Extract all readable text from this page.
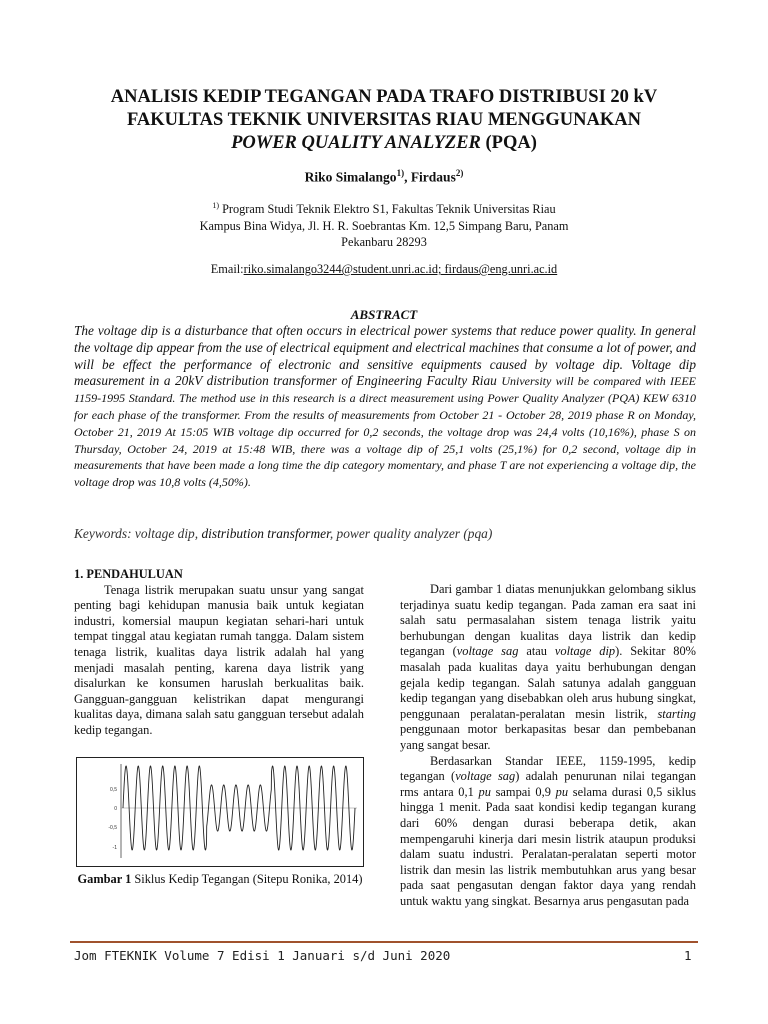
ANALISIS KEDIP TEGANGAN PADA TRAFO DISTRIBUSI 20 kV
FAKULTAS TEKNIK UNIVERSITAS RIAU MENGGUNAKAN
POWER QUALITY ANALYZER (PQA)
Riko Simalango$^{1)}$, Firdaus$^{2)}$
$^{1)}$ Program Studi Teknik Elektro S1, Fakultas Teknik Universitas Riau
Kampus Bina Widya, Jl. H. R. Soebrantas Km. 12,5 Simpang Baru, Panam
Pekanbaru 28293
Email:riko.simalango3244@student.unri.ac.id; firdaus@eng.unri.ac.id
ABSTRACT
The voltage dip is a disturbance that often occurs in electrical power systems that reduce power quality. In general the voltage dip appear from the use of electrical equipment and electrical machines that consume a lot of power, and will be effect the performance of electronic and sensitive equipments caused by voltage dip. Voltage dip measurement in a 20kV distribution transformer of Engineering Faculty Riau University will be compared with IEEE 1159-1995 Standard. The method use in this research is a direct measurement using Power Quality Analyzer (PQA) KEW 6310 for each phase of the transformer. From the results of measurements from October 21 - October 28, 2019 phase R on Monday, October 21, 2019 At 15:05 WIB voltage dip occurred for 0,2 seconds, the voltage drop was 24,4 volts (10,16%), phase S on Thursday, October 24, 2019 at 15:48 WIB, there was a voltage dip of 25,1 volts (25,1%) for 0,2 second, voltage dip in measurements that have been made a long time the dip category momentary, and phase T are not experiencing a voltage dip, the voltage drop was 10,8 volts (4,50%).
Keywords: voltage dip, distribution transformer, power quality analyzer (pqa)

1. PENDAHULUAN

Tenaga listrik merupakan suatu unsur yang sangat penting bagi kehidupan manusia baik untuk kegiatan industri, komersial maupun kegiatan sehari-hari untuk tempat tinggal atau kegiatan rumah tangga. Dalam sistem tenaga listrik, kualitas daya listrik adalah hal yang menjadi masalah penting, karena daya listrik yang disalurkan ke konsumen haruslah berkualitas baik. Gangguan-gangguan kelistrikan dapat mengurangi kualitas daya, dimana salah satu gangguan tersebut adalah kedip tegangan.

0,5
0
-0,5
-1
Gambar 1 Siklus Kedip Tegangan (Sitepu Ronika, 2014)

Dari gambar 1 diatas menunjukkan gelombang siklus terjadinya suatu kedip tegangan. Pada zaman era saat ini salah satu permasalahan sistem tenaga listrik yaitu berhubungan dengan kualitas daya listrik dan kedip tegangan (voltage sag atau voltage dip). Sekitar 80% masalah pada kualitas daya yaitu berhubungan dengan gejala kedip tegangan. Salah satunya adalah gangguan kedip tegangan yang disebabkan oleh arus hubung singkat, penggunaan peralatan-peralatan mesin listrik, starting penggunaan motor berkapasitas besar dan pembebanan yang sangat besar.

Berdasarkan Standar IEEE, 1159-1995, kedip tegangan (voltage sag) adalah penurunan nilai tegangan rms antara 0,1 pu sampai 0,9 pu selama durasi 0,5 siklus hingga 1 menit. Pada saat kondisi kedip tegangan kurang dari 60% dengan durasi beberapa detik, akan mempengaruhi kinerja dari mesin listrik ataupun produksi dalam suatu industri. Peralatan-peralatan seperti motor listrik dan mesin las listrik membutuhkan arus yang besar pada saat pengasutan dengan faktor daya yang rendah untuk waktu yang singkat. Besarnya arus pengasutan pada

Jom FTEKNIK Volume 7 Edisi 1 Januari s/d Juni 2020	1
